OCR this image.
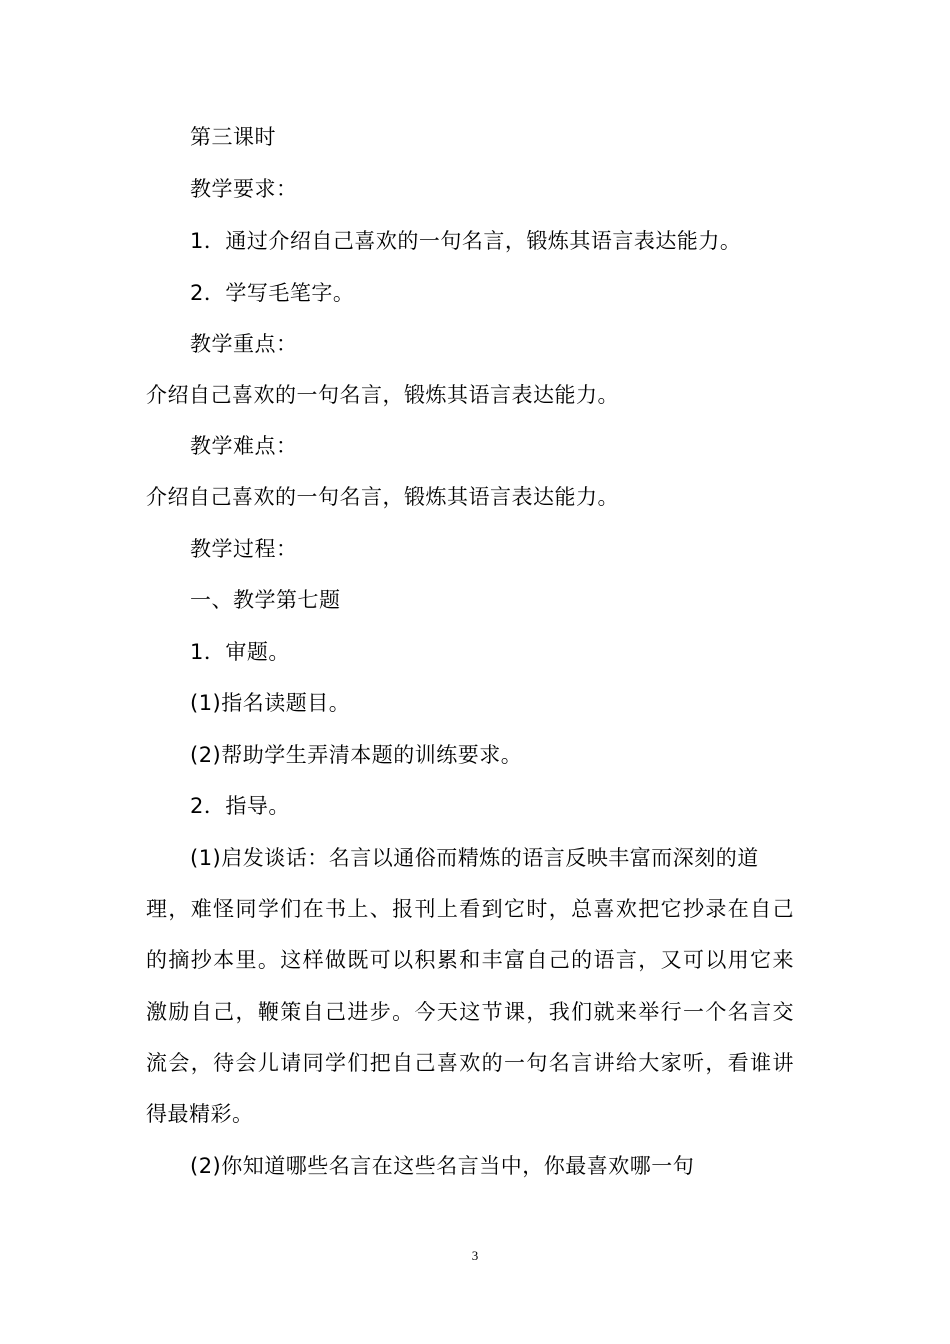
第三课时
教学要求：
1．通过介绍自己喜欢的一句名言，锻炼其语言表达能力。
2．学写毛笔字。
教学重点：
介绍自己喜欢的一句名言，锻炼其语言表达能力。
教学难点：
介绍自己喜欢的一句名言，锻炼其语言表达能力。
教学过程：
一、教学第七题
1．审题。
(1)指名读题目。
(2)帮助学生弄清本题的训练要求。
2．指导。
(1)启发谈话：名言以通俗而精炼的语言反映丰富而深刻的道
理，难怪同学们在书上、报刊上看到它时，总喜欢把它抄录在自己
的摘抄本里。这样做既可以积累和丰富自己的语言，又可以用它来
激励自己，鞭策自己进步。今天这节课，我们就来举行一个名言交
流会，待会儿请同学们把自己喜欢的一句名言讲给大家听，看谁讲
得最精彩。
(2)你知道哪些名言在这些名言当中，你最喜欢哪一句
3
